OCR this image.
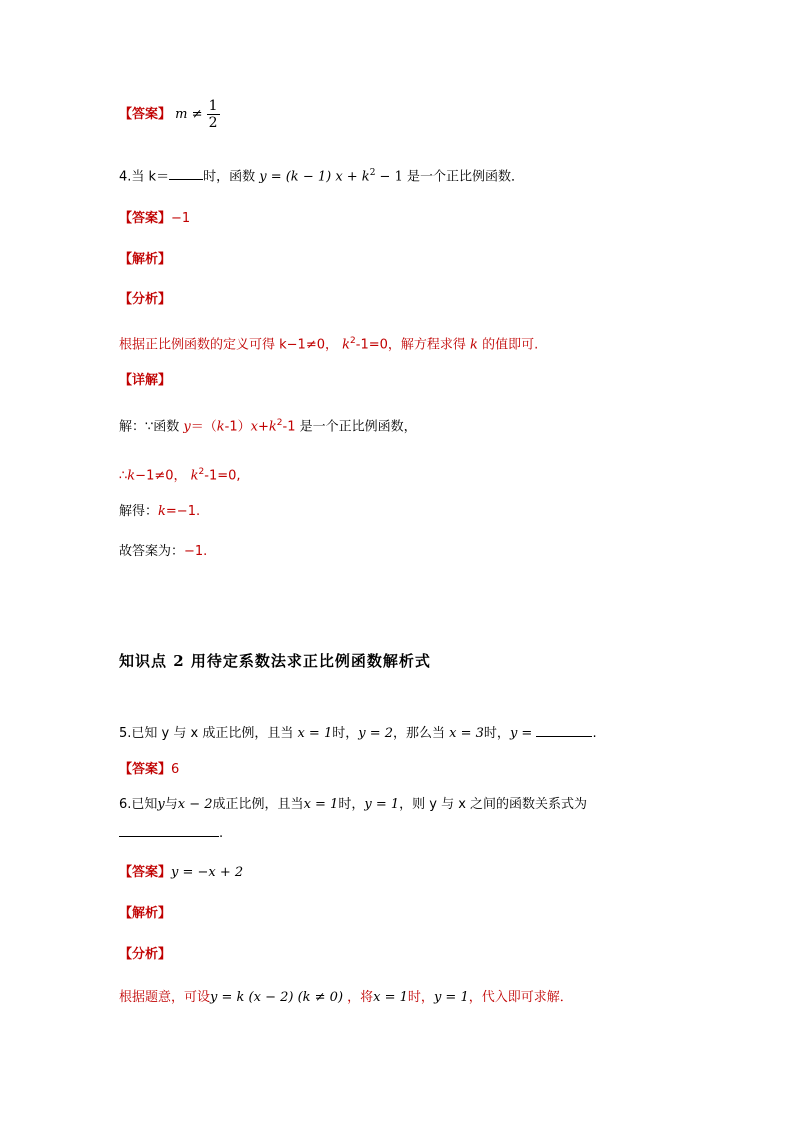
【答案】 $m \ne \frac{1}{2}$
4.当 k＝	时，函数 y = (k − 1) $x + k^2 - 1$ 是一个正比例函数．
【答案】−1
【解析】
【分析】
根据正比例函数的定义可得 k−1≠0， $k^2-1=0$，解方程求得 k 的值即可.
【详解】
解：∵函数 $y=(k-1)x+k^2-1$ 是一个正比例函数，
∴k−1≠0， $k^2-1=0$,
解得：k=−1.
故答案为：−1.
知识点 2 用待定系数法求正比例函数解析式
5.已知 y 与 x 成正比例，且当 x = 1时，y = 2，那么当 x = 3时，y =	.
【答案】6
6.已知y与x − 2成正比例，且当x = 1时，y = 1，则 y 与 x 之间的函数关系式为
.
【答案】y = −x + 2
【解析】
【分析】
根据题意，可设y = k (x − 2) (k ≠ 0) ，将x = 1时，y = 1，代入即可求解．
